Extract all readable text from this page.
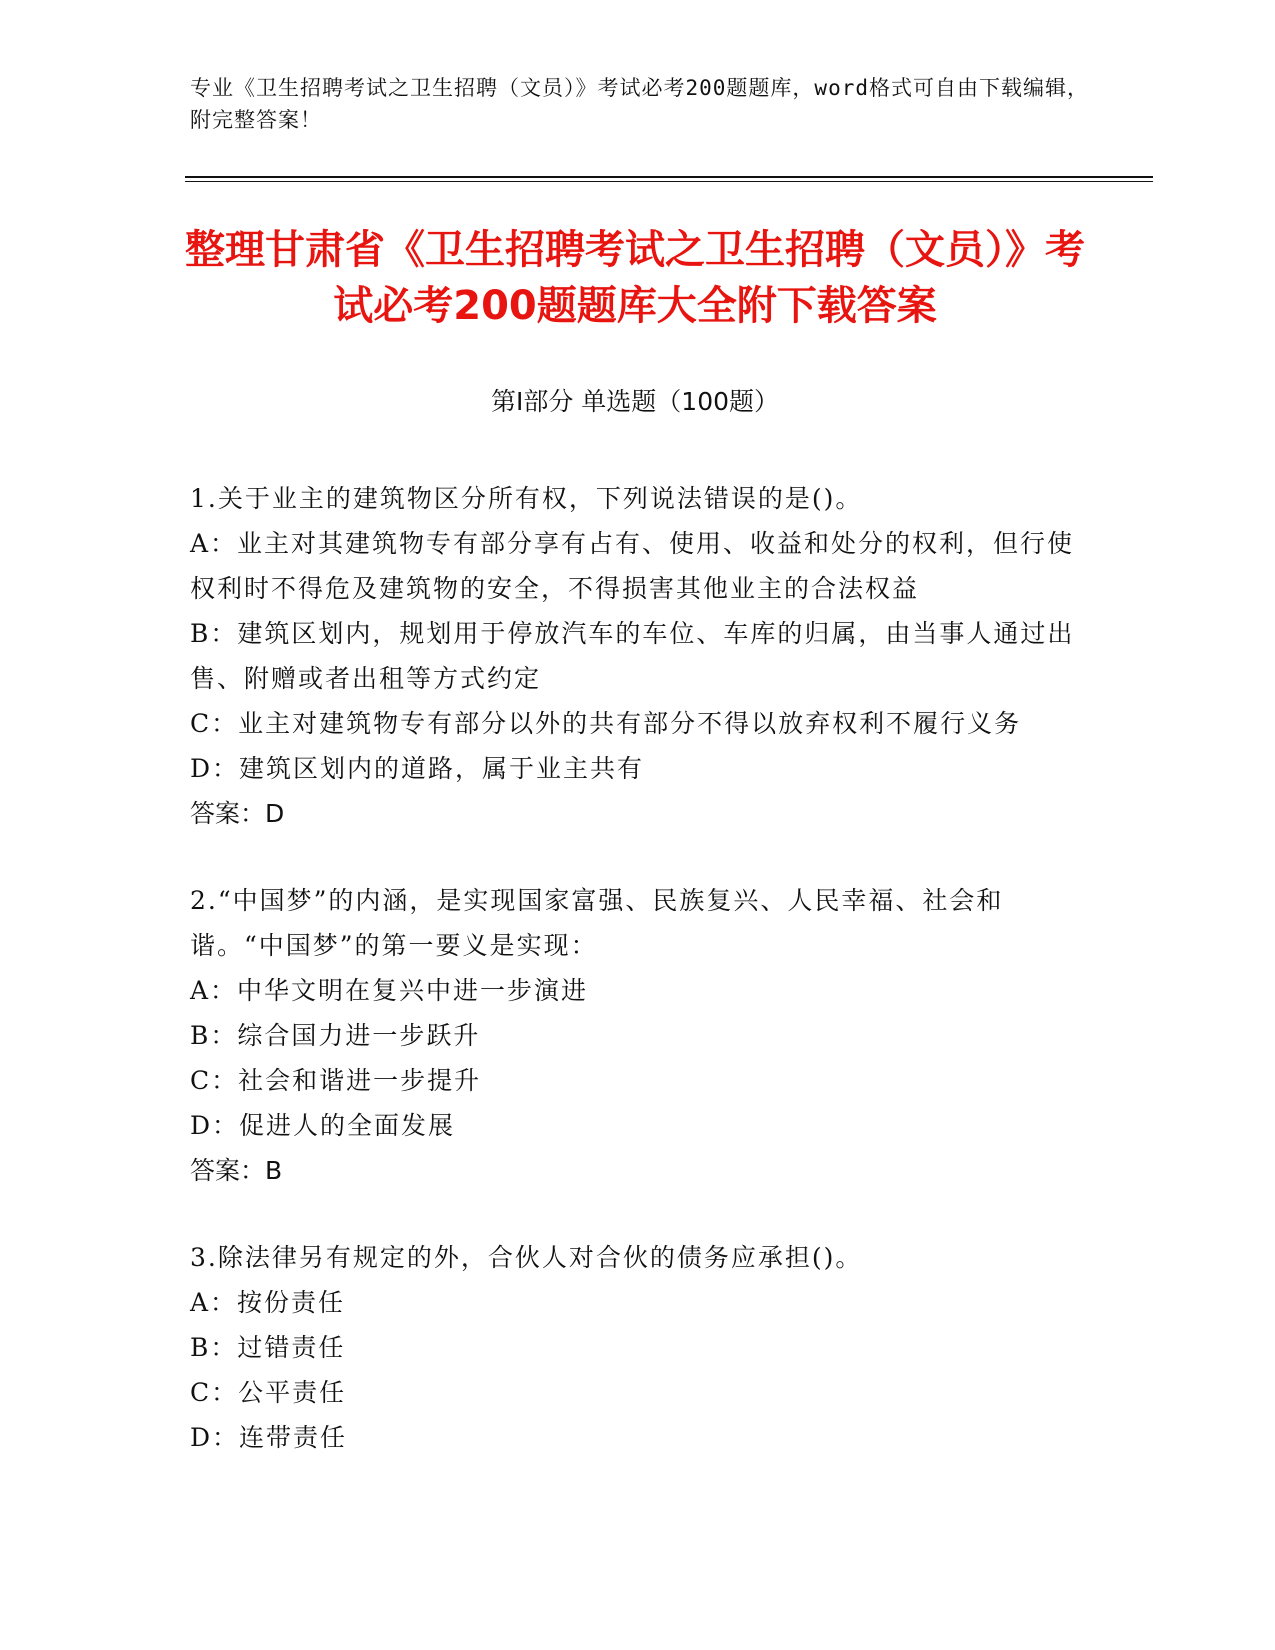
专业《卫生招聘考试之卫生招聘（文员）》考试必考200题题库，word格式可自由下载编辑，附完整答案！
整理甘肃省《卫生招聘考试之卫生招聘（文员）》考试必考200题题库大全附下载答案
第Ⅰ部分 单选题（100题）

1.关于业主的建筑物区分所有权，下列说法错误的是()。

A：业主对其建筑物专有部分享有占有、使用、收益和处分的权利，但行使权利时不得危及建筑物的安全，不得损害其他业主的合法权益

B：建筑区划内，规划用于停放汽车的车位、车库的归属，由当事人通过出售、附赠或者出租等方式约定

C：业主对建筑物专有部分以外的共有部分不得以放弃权利不履行义务

D：建筑区划内的道路，属于业主共有

答案：D

2.“中国梦”的内涵，是实现国家富强、民族复兴、人民幸福、社会和谐。“中国梦”的第一要义是实现：

A：中华文明在复兴中进一步演进

B：综合国力进一步跃升

C：社会和谐进一步提升

D：促进人的全面发展

答案：B

3.除法律另有规定的外，合伙人对合伙的债务应承担()。

A：按份责任

B：过错责任

C：公平责任

D：连带责任
